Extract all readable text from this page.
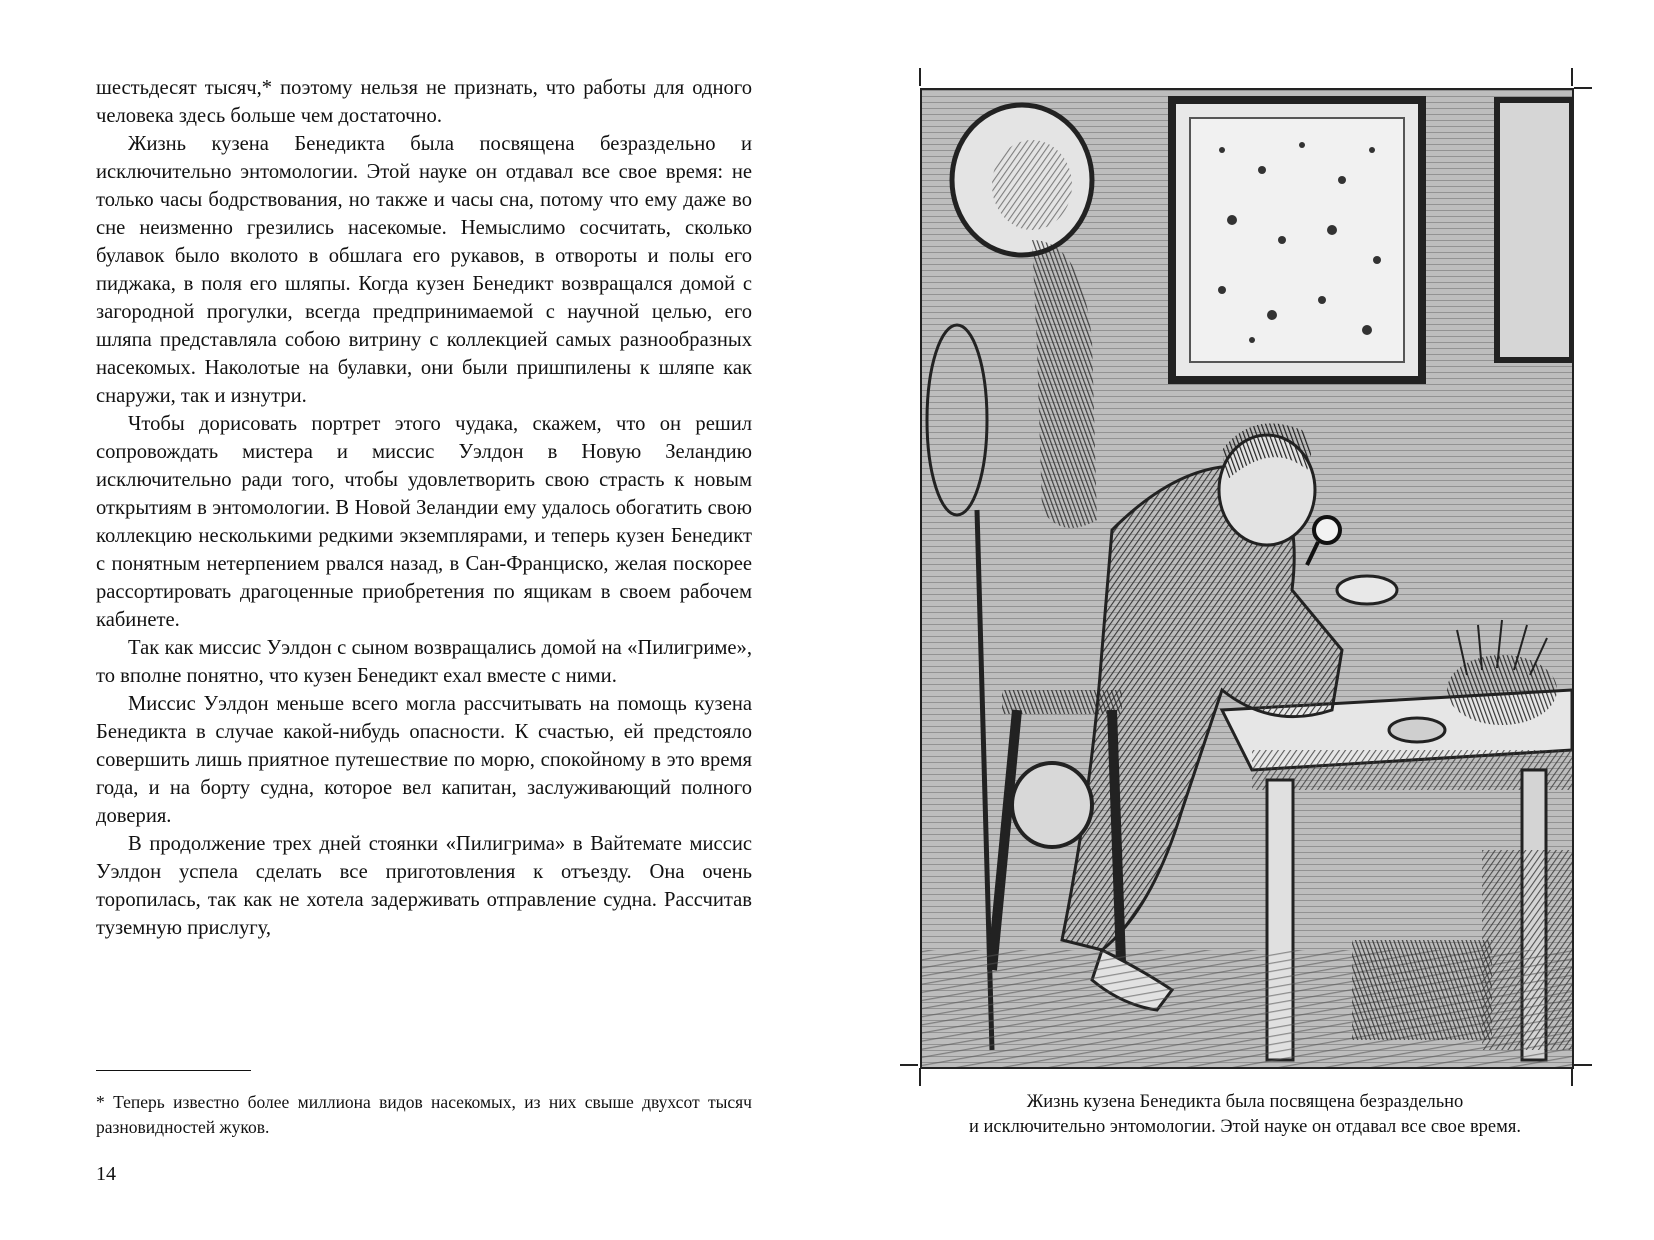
шестьдесят тысяч,* поэтому нельзя не признать, что работы для одного человека здесь больше чем достаточно.

Жизнь кузена Бенедикта была посвящена безраздельно и исключительно энтомологии. Этой науке он отдавал все свое время: не только часы бодрствования, но также и часы сна, потому что ему даже во сне неизменно грезились насекомые. Немыслимо сосчитать, сколько булавок было вколото в обшлага его рукавов, в отвороты и полы его пиджака, в поля его шляпы. Когда кузен Бенедикт возвращался домой с загородной прогулки, всегда предпринимаемой с научной целью, его шляпа представляла собою витрину с коллекцией самых разнообразных насекомых. Наколотые на булавки, они были пришпилены к шляпе как снаружи, так и изнутри.

Чтобы дорисовать портрет этого чудака, скажем, что он решил сопровождать мистера и миссис Уэлдон в Новую Зеландию исключительно ради того, чтобы удовлетворить свою страсть к новым открытиям в энтомологии. В Новой Зеландии ему удалось обогатить свою коллекцию несколькими редкими экземплярами, и теперь кузен Бенедикт с понятным нетерпением рвался назад, в Сан-Франциско, желая поскорее рассортировать драгоценные приобретения по ящикам в своем рабочем кабинете.

Так как миссис Уэлдон с сыном возвращались домой на «Пилигриме», то вполне понятно, что кузен Бенедикт ехал вместе с ними.

Миссис Уэлдон меньше всего могла рассчитывать на помощь кузена Бенедикта в случае какой-нибудь опасности. К счастью, ей предстояло совершить лишь приятное путешествие по морю, спокойному в это время года, и на борту судна, которое вел капитан, заслуживающий полного доверия.

В продолжение трех дней стоянки «Пилигрима» в Вайтемате миссис Уэлдон успела сделать все приготовления к отъезду. Она очень торопилась, так как не хотела задерживать отправление судна. Рассчитав туземную прислугу,

* Теперь известно более миллиона видов насекомых, из них свыше двухсот тысяч разновидностей жуков.

14

Жизнь кузена Бенедикта была посвящена безраздельно
и исключительно энтомологии. Этой науке он отдавал все свое время.
